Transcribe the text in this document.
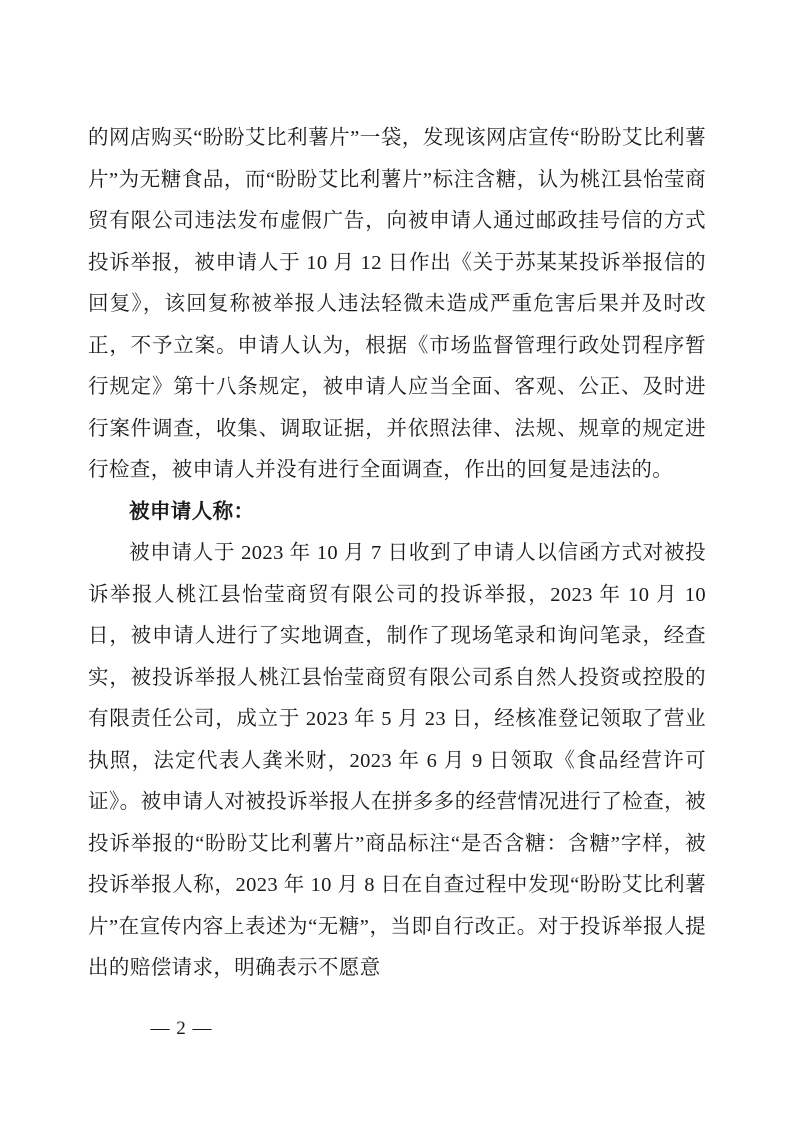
的网店购买“盼盼艾比利薯片”一袋，发现该网店宣传“盼盼艾比利薯片”为无糖食品，而“盼盼艾比利薯片”标注含糖，认为桃江县怡莹商贸有限公司违法发布虚假广告，向被申请人通过邮政挂号信的方式投诉举报，被申请人于 10 月 12 日作出《关于苏某某投诉举报信的回复》，该回复称被举报人违法轻微未造成严重危害后果并及时改正，不予立案。申请人认为，根据《市场监督管理行政处罚程序暂行规定》第十八条规定，被申请人应当全面、客观、公正、及时进行案件调查，收集、调取证据，并依照法律、法规、规章的规定进行检查，被申请人并没有进行全面调查，作出的回复是违法的。

被申请人称：

被申请人于 2023 年 10 月 7 日收到了申请人以信函方式对被投诉举报人桃江县怡莹商贸有限公司的投诉举报，2023 年 10 月 10 日，被申请人进行了实地调查，制作了现场笔录和询问笔录，经查实，被投诉举报人桃江县怡莹商贸有限公司系自然人投资或控股的有限责任公司，成立于 2023 年 5 月 23 日，经核准登记领取了营业执照，法定代表人龚米财，2023 年 6 月 9 日领取《食品经营许可证》。被申请人对被投诉举报人在拼多多的经营情况进行了检查，被投诉举报的“盼盼艾比利薯片”商品标注“是否含糖：含糖”字样，被投诉举报人称，2023 年 10 月 8 日在自查过程中发现“盼盼艾比利薯片”在宣传内容上表述为“无糖”，当即自行改正。对于投诉举报人提出的赔偿请求，明确表示不愿意

— 2 —
